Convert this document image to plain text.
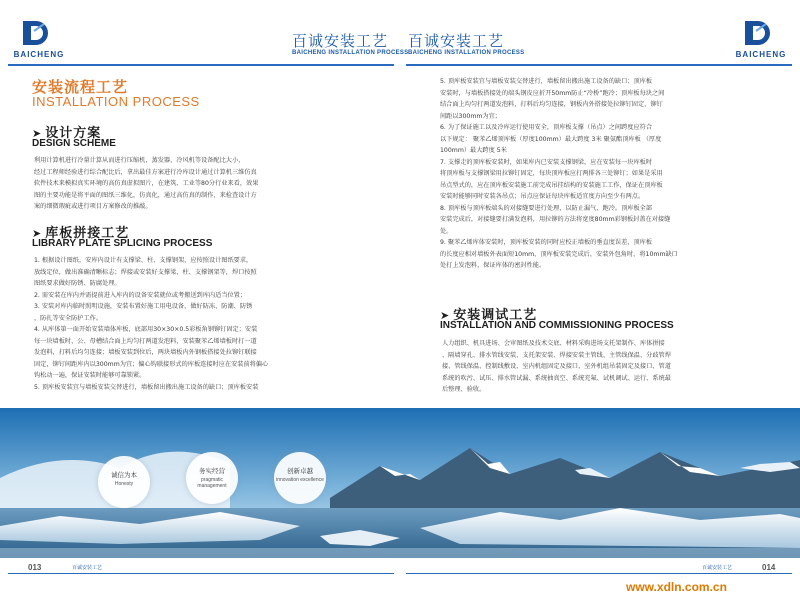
BAICHENG
百诚安装工艺
BAICHENG INSTALLATION PROCESS
百诚安装工艺
BAICHENG INSTALLATION PROCESS	BAICHENG
安装流程工艺
INSTALLATION PROCESS
➤ 设计方案
DESIGN SCHEME
利用计算机进行冷量计算从而进行压缩机，蒸发器，冷风机等设备配比大小，
经过工程师经验进行综合配比后，拿出最佳方案进行冷库设计通过计算机三维仿真
软件技术来模拟真实环境的高仿真虚拟图片，在建筑、工业等80分行业来看，效果
图的主要功能是将平面的图纸三维化，仿真化，通过高仿真的制作，来检查设计方
案的细微瑕疵或进行项目方案修改的推敲。
➤ 库板拼接工艺
LIBRARY PLATE SPLICING PROCESS
1. 根据设计图纸，安库内设计有支撑梁、柱、支撑钢架，应按照设计图纸要求，
放线定位，做出准确清晰标志；焊接或安装好支撑梁、柱、支撑钢架等，焊口按照
图纸要求做好防锈、防腐处理。
2. 需安装在库内并需提前进入库内的设备安装就位或考搬送到库内适当位置；
3. 安装对库内临时照明设施，安装布置好施工用电设备，做好防冻、防潮、防锈
，防扎等安全防护工作。
4. 从库体第一面开始安装墙体库板，底部用30×30×0.5彩板角钢铆钉固定；安装
每一块墙板时，公、母槽结合面上均匀打两道发泡料，安装聚苯乙烯墙板时打一道
发泡料，打料后均匀连接；墙板安装到位后，两块墙板内外钢板搭接处拉铆钉联接
固定，铆钉间距库内以300mm为宜；偏心钩联接形式的库板连接时应在安装前将偏心
钩松动一遍，保证安装时能够可靠锁紧。
5. 顶库板安装宜与墙板安装交替进行，墙板留出搬出施工设备的缺口；顶库板安装
5. 顶库板安装宜与墙板安装交替进行，墙板留出搬出施工设备的缺口；顶库板
安装时，与墙板搭接处的端头钢皮应折开50mm防止“冷桥”跑冷；顶库板每块之间
结合面上均匀打两道发泡料，打料后均匀连接，钢板内外搭接处拉铆钉固定，铆钉
间距以300mm为宜；
6. 为了保证施工以及冷库运行使用安全，顶库板支撑（吊点）之间跨度应符合
以下规定： 聚苯乙烯顶库板（厚度100mm）最大跨度 3米 聚氨酯顶库板 （厚度
100mm）最大跨度 5米
7. 支撑走的顶库板安装时，如果库内已安装支撑钢梁，应在安装每一块库板时
将顶库板与支撑钢梁用拉铆钉固定，每块顶库板应打两排各三处铆钉；如果是采用
吊点型式的，应在顶库板安装施工前完成吊挂结构的安装施工工作，保证在顶库板
安装时能够同时安装各吊点；吊点应保证每块库板适宜度方向至少有两点。
8. 顶库板与顶库板端头的对接缝要进行处理，以防止漏气、跑冷。顶库板全部
安装完成后，对接缝要打满发泡料，用拉铆的方法将宽度80mm彩钢板封盖在对接缝
处。
9. 聚苯乙烯库体安装时，顶库板安装的同时应校正墙板的垂直度误差，顶库板
的长度应相对墙板外表面短10mm，顶库板安装完成后，安装外包角时，将10mm缺口
处打上发泡料，保证库体的密封性能。
➤ 安装调试工艺
INSTALLATION AND COMMISSIONING PROCESS
人力组织、机具进场、会审图纸及技术交底、材料采购进场支托架制作、库体拼接
、隔墙穿孔、排水管线安装、支托架安装、焊接安装主管线、主管线保温、分歧管焊
接、管线保温、控制线敷设、室内机组固定及接口、室外机组吊装固定及接口、管道
系统的吹污、试压、排水管试漏、系统抽真空、系统充氟、试机调试、运行、系统最
后整理、验收。
诚信为本
Honesty
务实经营
pragmatic management
创新卓越
innovation excellence
013	百诚安装工艺	百诚安装工艺	014
www.xdln.com.cn
